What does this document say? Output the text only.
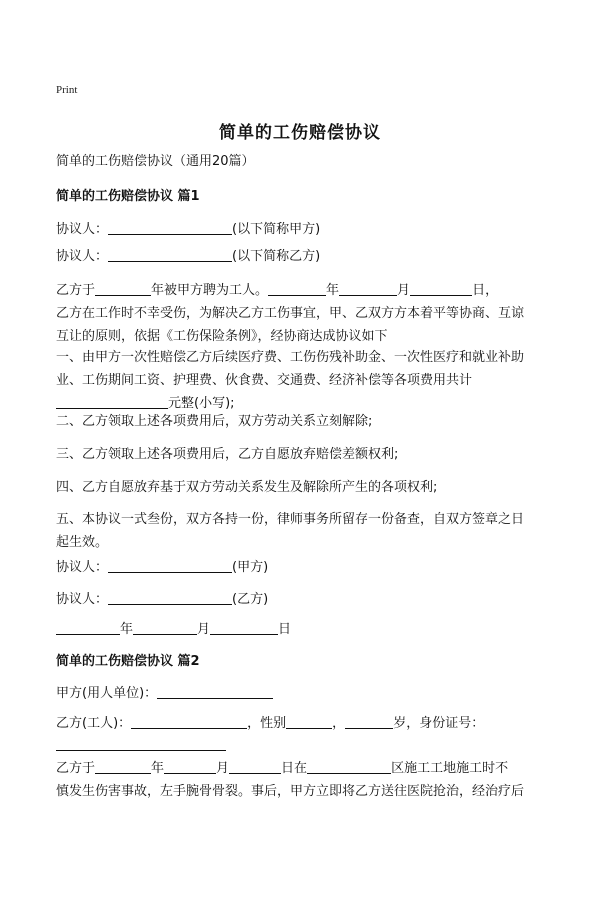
Print
简单的工伤赔偿协议
简单的工伤赔偿协议（通用20篇）
简单的工伤赔偿协议 篇1
协议人：	(以下简称甲方)
协议人：	(以下简称乙方)
乙方于	年被甲方聘为工人。	年	月	日，
乙方在工作时不幸受伤，为解决乙方工伤事宜，甲、乙双方方本着平等协商、互谅
互让的原则，依据《工伤保险条例》，经协商达成协议如下
一、由甲方一次性赔偿乙方后续医疗费、工伤伤残补助金、一次性医疗和就业补助
业、工伤期间工资、护理费、伙食费、交通费、经济补偿等各项费用共计
元整(小写);
二、乙方领取上述各项费用后，双方劳动关系立刻解除;
三、乙方领取上述各项费用后，乙方自愿放弃赔偿差额权利;
四、乙方自愿放弃基于双方劳动关系发生及解除所产生的各项权利;
五、本协议一式叁份，双方各持一份，律师事务所留存一份备查，自双方签章之日
起生效。
协议人：	(甲方)
协议人：	(乙方)
年	月	日
简单的工伤赔偿协议 篇2
甲方(用人单位)：
乙方(工人)：	，性别	，	岁，身份证号：
乙方于	年	月	日在	区施工工地施工时不
慎发生伤害事故，左手腕骨骨裂。事后，甲方立即将乙方送往医院抢治，经治疗后
